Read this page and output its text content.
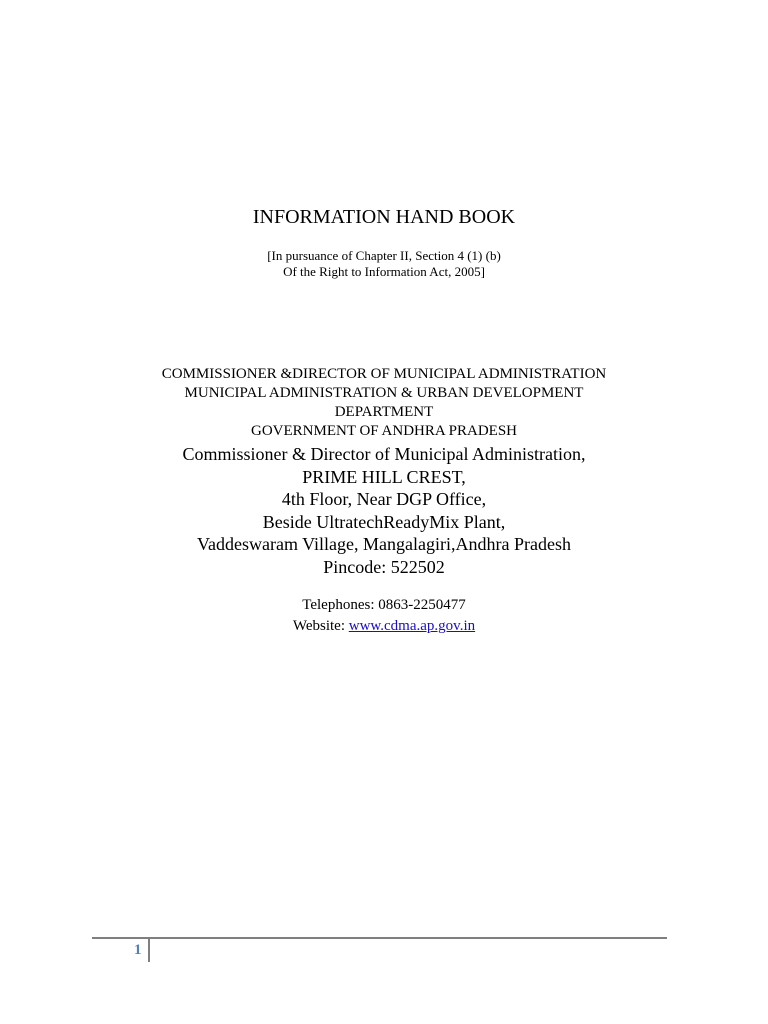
INFORMATION HAND BOOK

[In pursuance of Chapter II, Section 4 (1) (b)

Of the Right to Information Act, 2005]

COMMISSIONER &DIRECTOR OF MUNICIPAL ADMINISTRATION

MUNICIPAL ADMINISTRATION & URBAN DEVELOPMENT

DEPARTMENT

GOVERNMENT OF ANDHRA PRADESH

Commissioner & Director of Municipal Administration,

PRIME HILL CREST,

4th Floor, Near DGP Office,

Beside UltratechReadyMix Plant,

Vaddeswaram Village, Mangalagiri,Andhra Pradesh

Pincode: 522502

Telephones: 0863-2250477

Website: www.cdma.ap.gov.in

1
